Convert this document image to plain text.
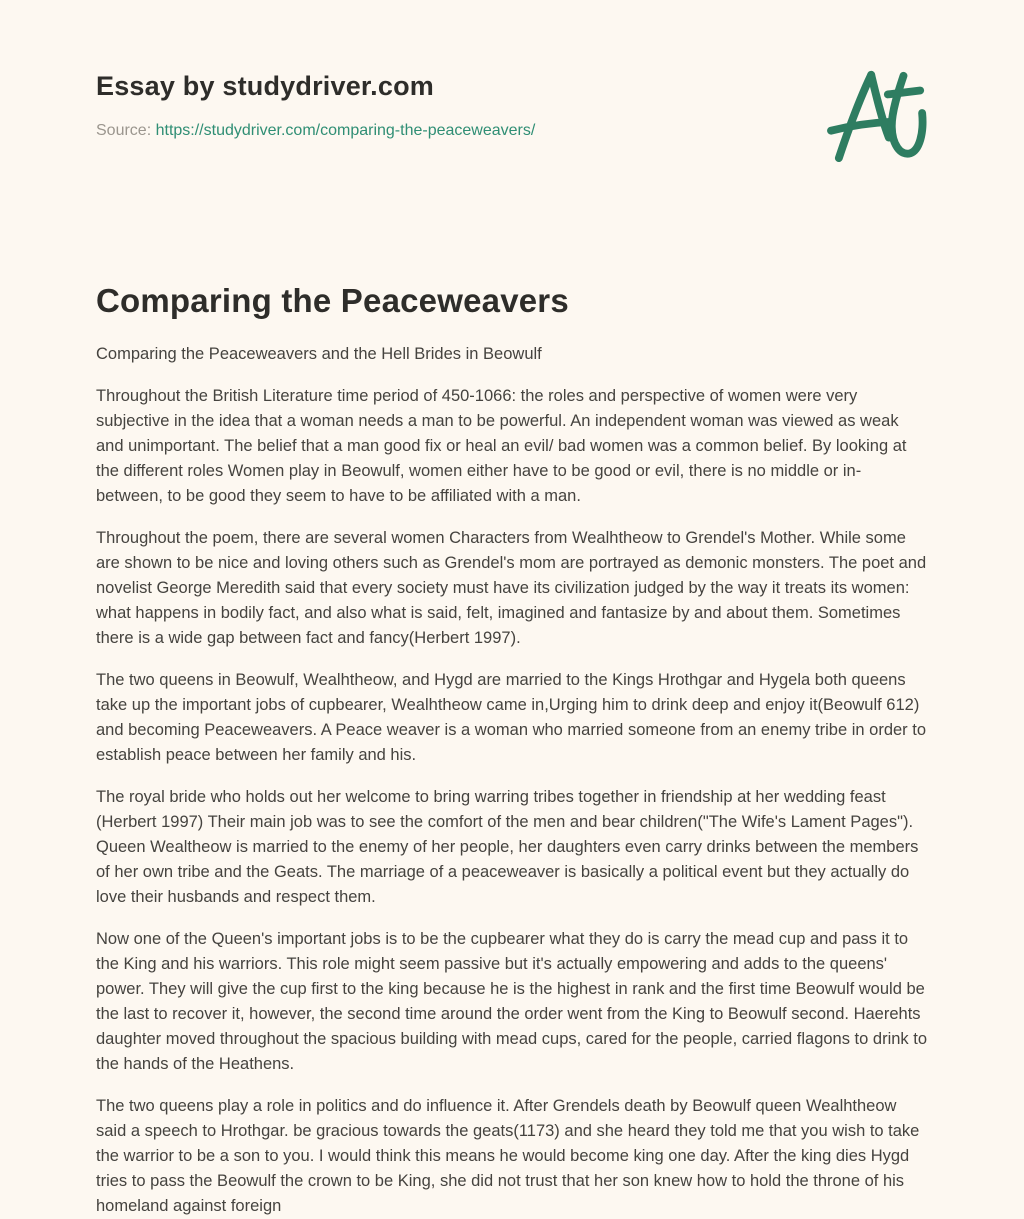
Essay by studydriver.com
Source: https://studydriver.com/comparing-the-peaceweavers/
Comparing the Peaceweavers

Comparing the Peaceweavers and the Hell Brides in Beowulf

Throughout the British Literature time period of 450-1066: the roles and perspective of women were very subjective in the idea that a woman needs a man to be powerful. An independent woman was viewed as weak and unimportant. The belief that a man good fix or heal an evil/ bad women was a common belief. By looking at the different roles Women play in Beowulf, women either have to be good or evil, there is no middle or in-between, to be good they seem to have to be affiliated with a man.

Throughout the poem, there are several women Characters from Wealhtheow to Grendel's Mother. While some are shown to be nice and loving others such as Grendel's mom are portrayed as demonic monsters. The poet and novelist George Meredith said that every society must have its civilization judged by the way it treats its women: what happens in bodily fact, and also what is said, felt, imagined and fantasize by and about them. Sometimes there is a wide gap between fact and fancy(Herbert 1997).

The two queens in Beowulf, Wealhtheow, and Hygd are married to the Kings Hrothgar and Hygela both queens take up the important jobs of cupbearer, Wealhtheow came in,Urging him to drink deep and enjoy it(Beowulf 612) and becoming Peaceweavers. A Peace weaver is a woman who married someone from an enemy tribe in order to establish peace between her family and his.

The royal bride who holds out her welcome to bring warring tribes together in friendship at her wedding feast (Herbert 1997) Their main job was to see the comfort of the men and bear children("The Wife's Lament Pages"). Queen Wealtheow is married to the enemy of her people, her daughters even carry drinks between the members of her own tribe and the Geats. The marriage of a peaceweaver is basically a political event but they actually do love their husbands and respect them.

Now one of the Queen's important jobs is to be the cupbearer what they do is carry the mead cup and pass it to the King and his warriors. This role might seem passive but it's actually empowering and adds to the queens' power. They will give the cup first to the king because he is the highest in rank and the first time Beowulf would be the last to recover it, however, the second time around the order went from the King to Beowulf second. Haerehts daughter moved throughout the spacious building with mead cups, cared for the people, carried flagons to drink to the hands of the Heathens.

The two queens play a role in politics and do influence it. After Grendels death by Beowulf queen Wealhtheow said a speech to Hrothgar. be gracious towards the geats(1173) and she heard they told me that you wish to take the warrior to be a son to you. I would think this means he would become king one day. After the king dies Hygd tries to pass the Beowulf the crown to be King, she did not trust that her son knew how to hold the throne of his homeland against foreign
